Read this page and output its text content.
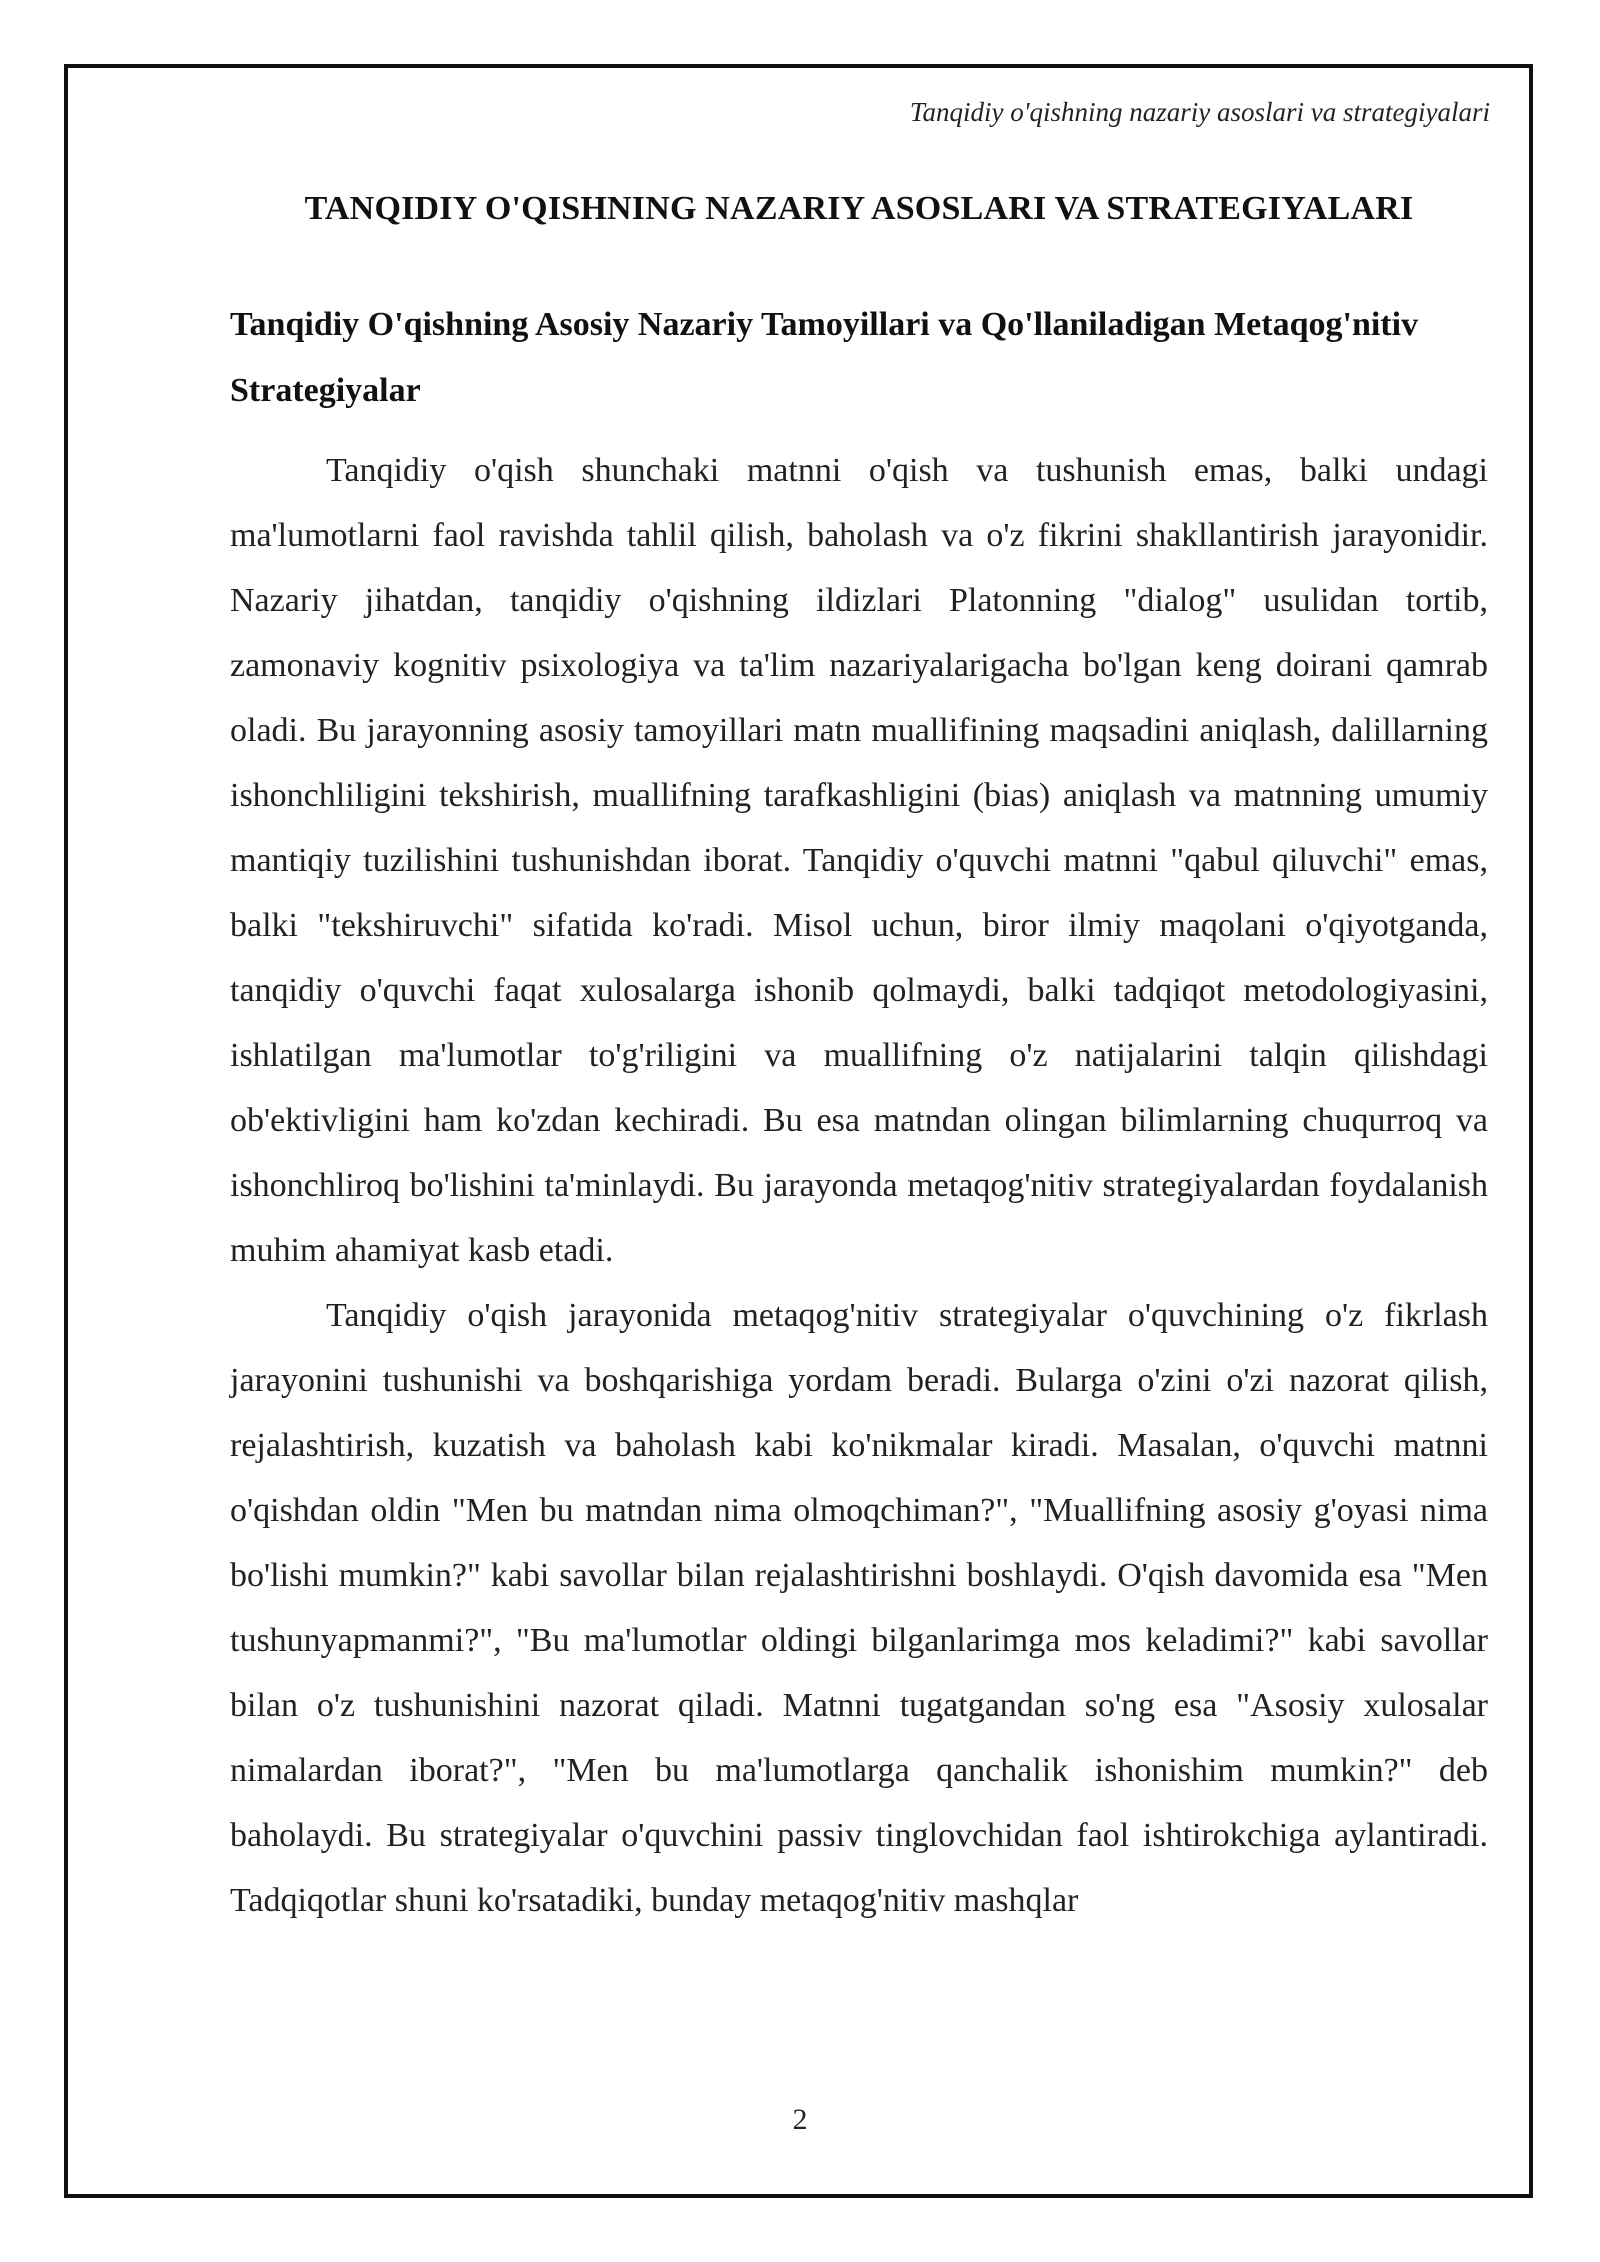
Tanqidiy o'qishning nazariy asoslari va strategiyalari
TANQIDIY O'QISHNING NAZARIY ASOSLARI VA STRATEGIYALARI
Tanqidiy O'qishning Asosiy Nazariy Tamoyillari va Qo'llaniladigan Metaqog'nitiv Strategiyalar

Tanqidiy o'qish shunchaki matnni o'qish va tushunish emas, balki undagi ma'lumotlarni faol ravishda tahlil qilish, baholash va o'z fikrini shakllantirish jarayonidir. Nazariy jihatdan, tanqidiy o'qishning ildizlari Platonning "dialog" usulidan tortib, zamonaviy kognitiv psixologiya va ta'lim nazariyalarigacha bo'lgan keng doirani qamrab oladi. Bu jarayonning asosiy tamoyillari matn muallifining maqsadini aniqlash, dalillarning ishonchliligini tekshirish, muallifning tarafkashligini (bias) aniqlash va matnning umumiy mantiqiy tuzilishini tushunishdan iborat. Tanqidiy o'quvchi matnni "qabul qiluvchi" emas, balki "tekshiruvchi" sifatida ko'radi. Misol uchun, biror ilmiy maqolani o'qiyotganda, tanqidiy o'quvchi faqat xulosalarga ishonib qolmaydi, balki tadqiqot metodologiyasini, ishlatilgan ma'lumotlar to'g'riligini va muallifning o'z natijalarini talqin qilishdagi ob'ektivligini ham ko'zdan kechiradi. Bu esa matndan olingan bilimlarning chuqurroq va ishonchliroq bo'lishini ta'minlaydi. Bu jarayonda metaqog'nitiv strategiyalardan foydalanish muhim ahamiyat kasb etadi.

Tanqidiy o'qish jarayonida metaqog'nitiv strategiyalar o'quvchining o'z fikrlash jarayonini tushunishi va boshqarishiga yordam beradi. Bularga o'zini o'zi nazorat qilish, rejalashtirish, kuzatish va baholash kabi ko'nikmalar kiradi. Masalan, o'quvchi matnni o'qishdan oldin "Men bu matndan nima olmoqchiman?", "Muallifning asosiy g'oyasi nima bo'lishi mumkin?" kabi savollar bilan rejalashtirishni boshlaydi. O'qish davomida esa "Men tushunyapmanmi?", "Bu ma'lumotlar oldingi bilganlarimga mos keladimi?" kabi savollar bilan o'z tushunishini nazorat qiladi. Matnni tugatgandan so'ng esa "Asosiy xulosalar nimalardan iborat?", "Men bu ma'lumotlarga qanchalik ishonishim mumkin?" deb baholaydi. Bu strategiyalar o'quvchini passiv tinglovchidan faol ishtirokchiga aylantiradi. Tadqiqotlar shuni ko'rsatadiki, bunday metaqog'nitiv mashqlar

2
